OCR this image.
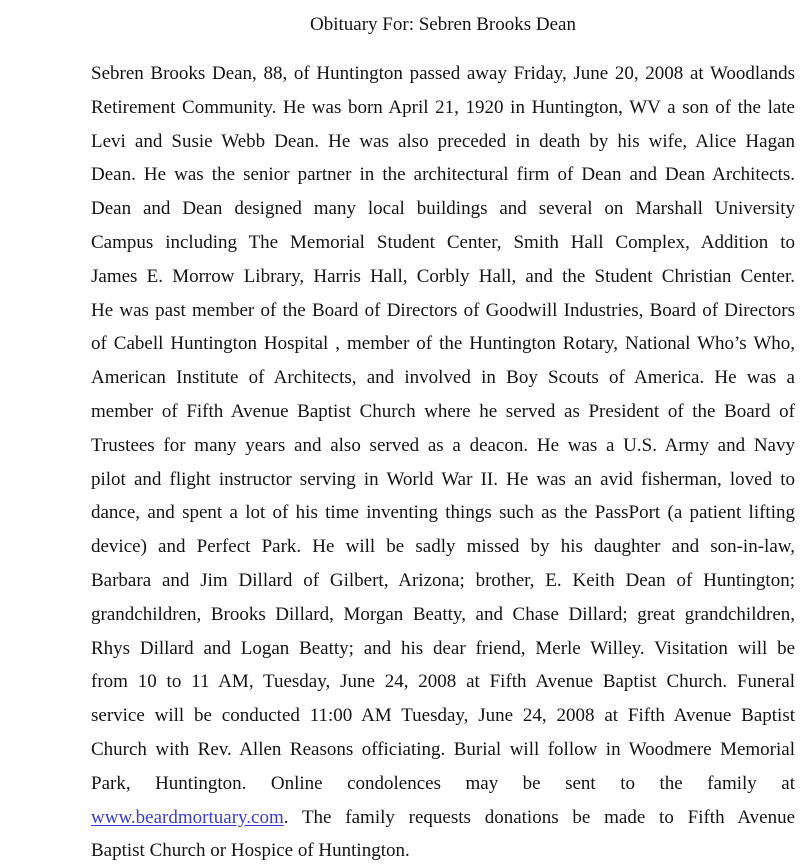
Obituary For: Sebren Brooks Dean
Sebren Brooks Dean, 88, of Huntington passed away Friday, June 20, 2008 at Woodlands
Retirement Community. He was born April 21, 1920 in Huntington, WV a son of the late
Levi and Susie Webb Dean. He was also preceded in death by his wife, Alice Hagan
Dean. He was the senior partner in the architectural firm of Dean and Dean Architects.
Dean and Dean designed many local buildings and several on Marshall University
Campus including The Memorial Student Center, Smith Hall Complex, Addition to
James E. Morrow Library, Harris Hall, Corbly Hall, and the Student Christian Center.
He was past member of the Board of Directors of Goodwill Industries, Board of Directors
of Cabell Huntington Hospital , member of the Huntington Rotary, National Who’s Who,
American Institute of Architects, and involved in Boy Scouts of America. He was a
member of Fifth Avenue Baptist Church where he served as President of the Board of
Trustees for many years and also served as a deacon. He was a U.S. Army and Navy
pilot and flight instructor serving in World War II. He was an avid fisherman, loved to
dance, and spent a lot of his time inventing things such as the PassPort (a patient lifting
device) and Perfect Park. He will be sadly missed by his daughter and son-in-law,
Barbara and Jim Dillard of Gilbert, Arizona; brother, E. Keith Dean of Huntington;
grandchildren, Brooks Dillard, Morgan Beatty, and Chase Dillard; great grandchildren,
Rhys Dillard and Logan Beatty; and his dear friend, Merle Willey. Visitation will be
from 10 to 11 AM, Tuesday, June 24, 2008 at Fifth Avenue Baptist Church. Funeral
service will be conducted 11:00 AM Tuesday, June 24, 2008 at Fifth Avenue Baptist
Church with Rev. Allen Reasons officiating. Burial will follow in Woodmere Memorial
Park, Huntington. Online condolences may be sent to the family at
www.beardmortuary.com. The family requests donations be made to Fifth Avenue
Baptist Church or Hospice of Huntington.
